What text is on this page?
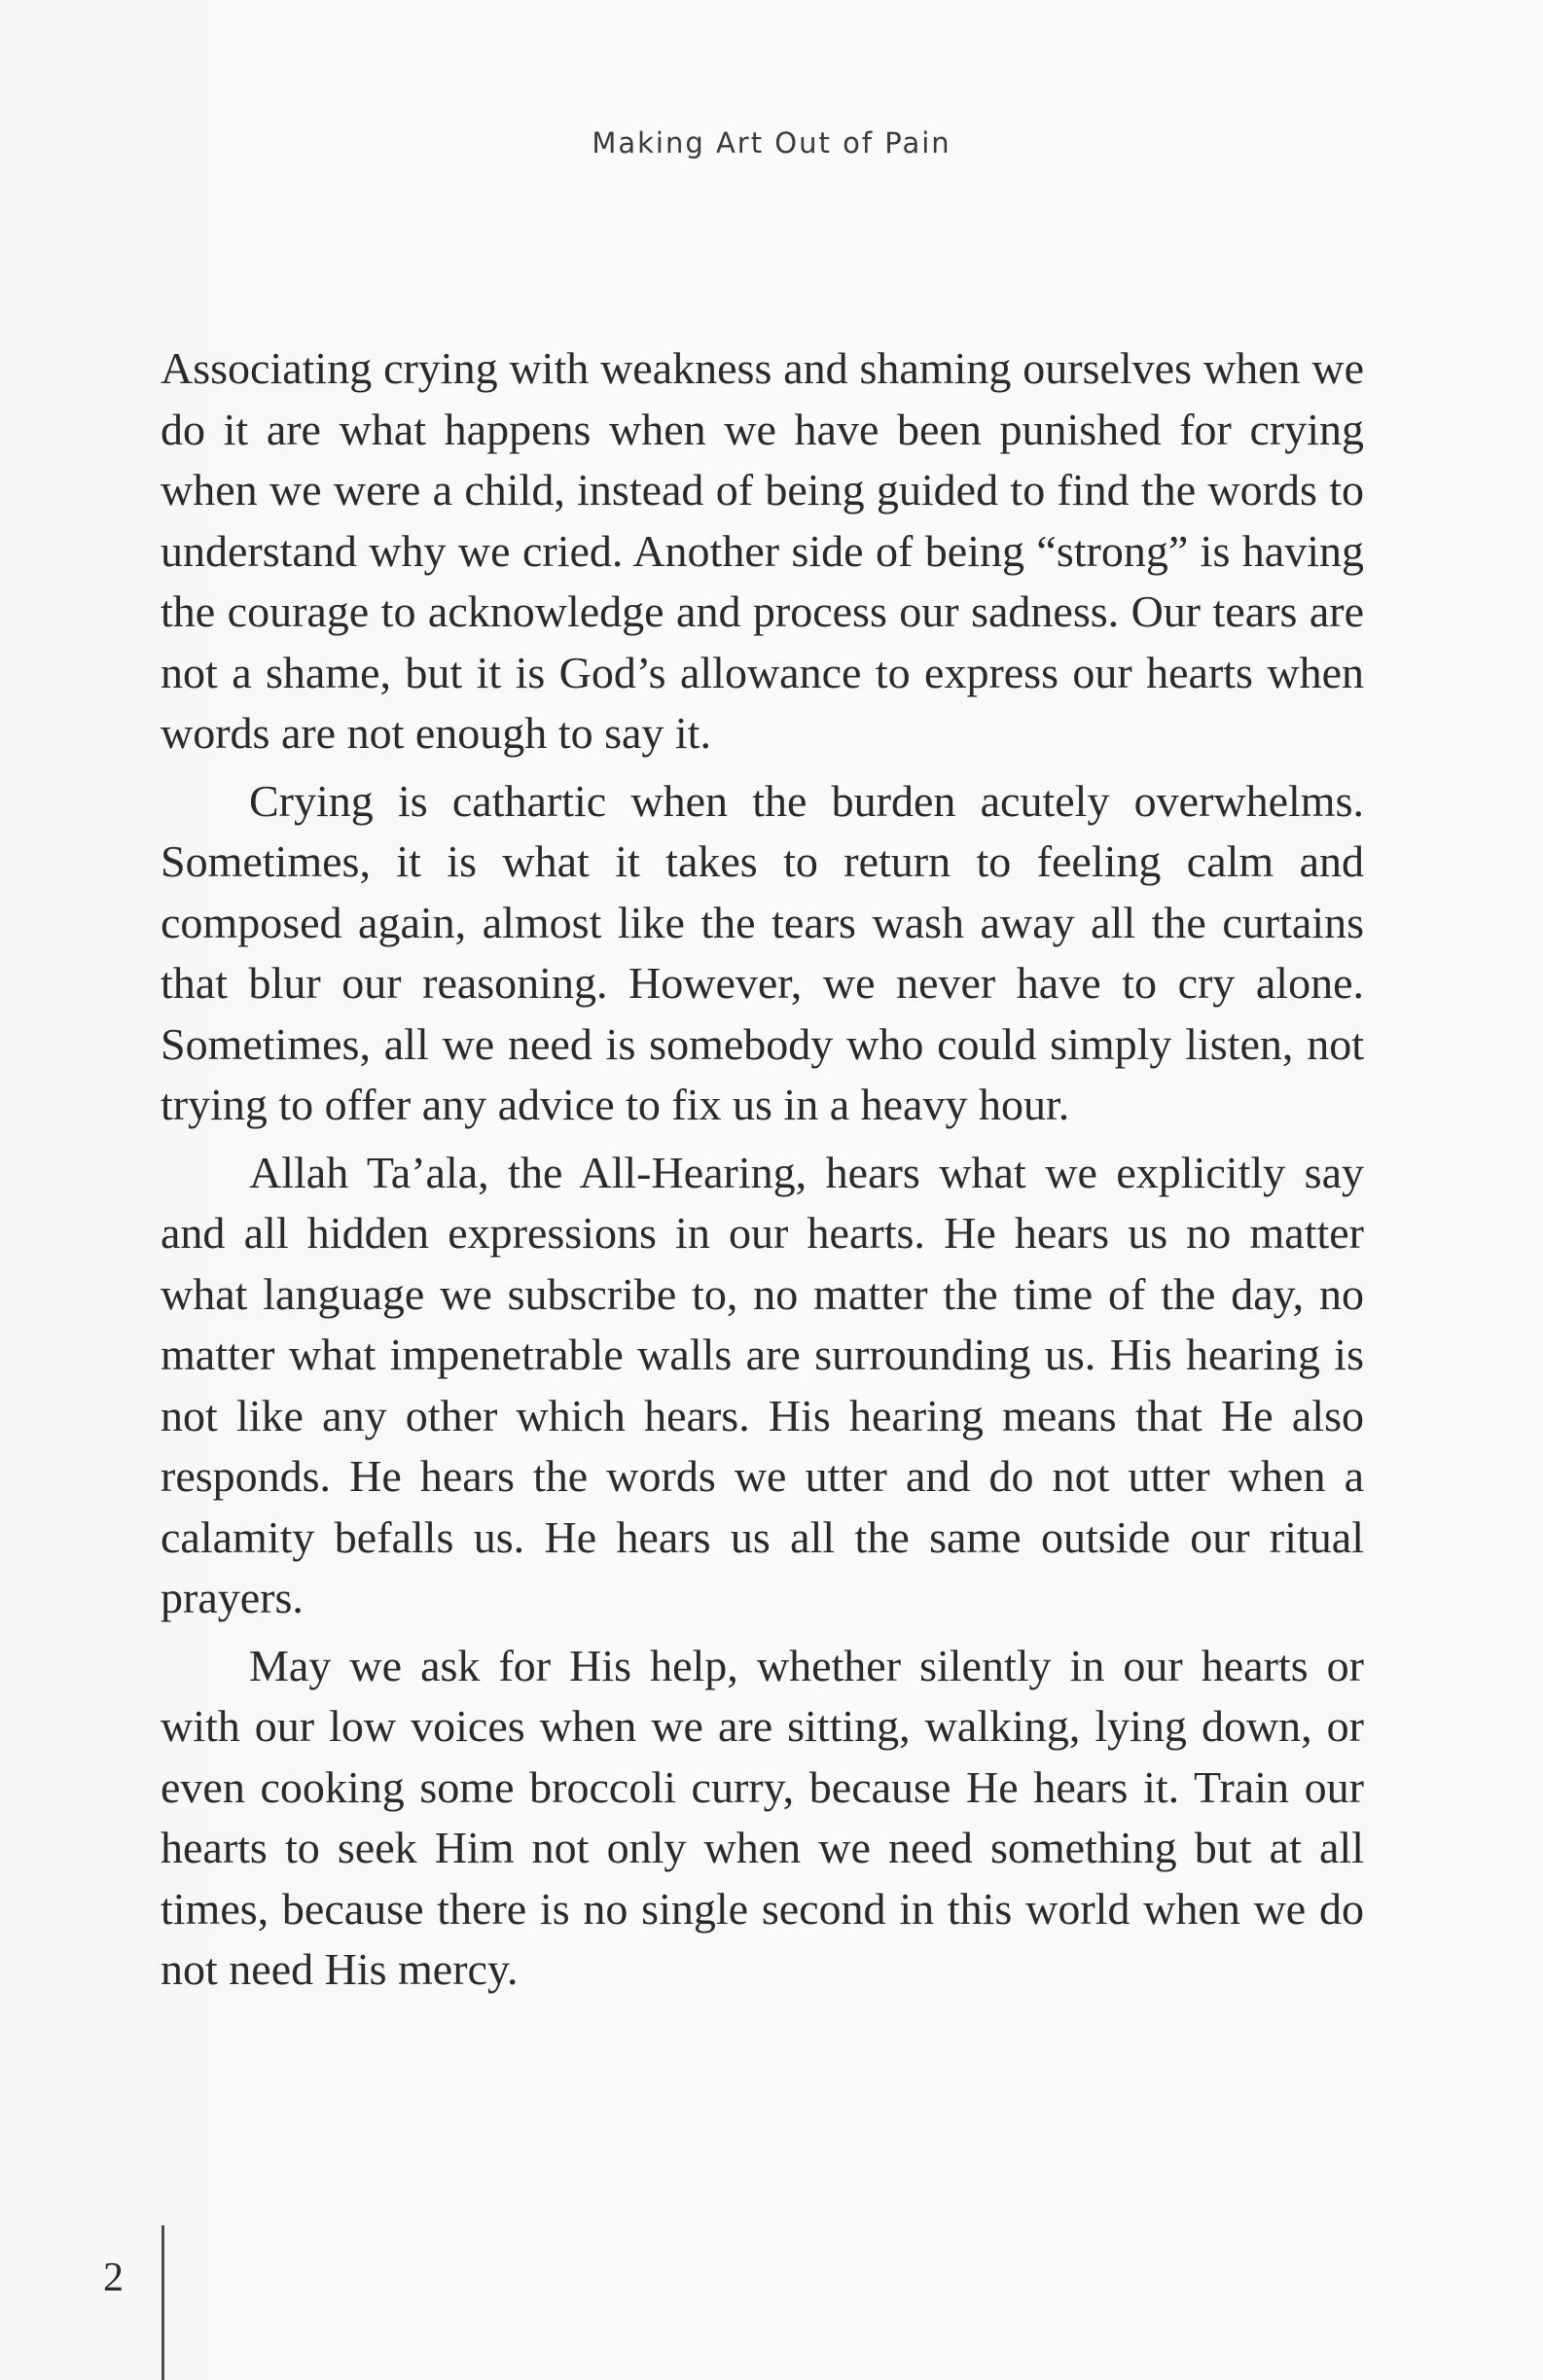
Making Art Out of Pain

Associating crying with weakness and shaming ourselves when we do it are what happens when we have been punished for crying when we were a child, instead of being guided to find the words to understand why we cried. Another side of being “strong” is having the courage to acknowledge and process our sadness. Our tears are not a shame, but it is God’s allowance to express our hearts when words are not enough to say it.

Crying is cathartic when the burden acutely overwhelms. Sometimes, it is what it takes to return to feeling calm and composed again, almost like the tears wash away all the curtains that blur our reasoning. However, we never have to cry alone. Sometimes, all we need is somebody who could simply listen, not trying to offer any advice to fix us in a heavy hour.

Allah Ta’ala, the All-Hearing, hears what we explicitly say and all hidden expressions in our hearts. He hears us no matter what language we subscribe to, no matter the time of the day, no matter what impenetrable walls are surrounding us. His hearing is not like any other which hears. His hearing means that He also responds. He hears the words we utter and do not utter when a calamity befalls us. He hears us all the same outside our ritual prayers.

May we ask for His help, whether silently in our hearts or with our low voices when we are sitting, walking, lying down, or even cooking some broccoli curry, because He hears it. Train our hearts to seek Him not only when we need something but at all times, because there is no single second in this world when we do not need His mercy.

2
